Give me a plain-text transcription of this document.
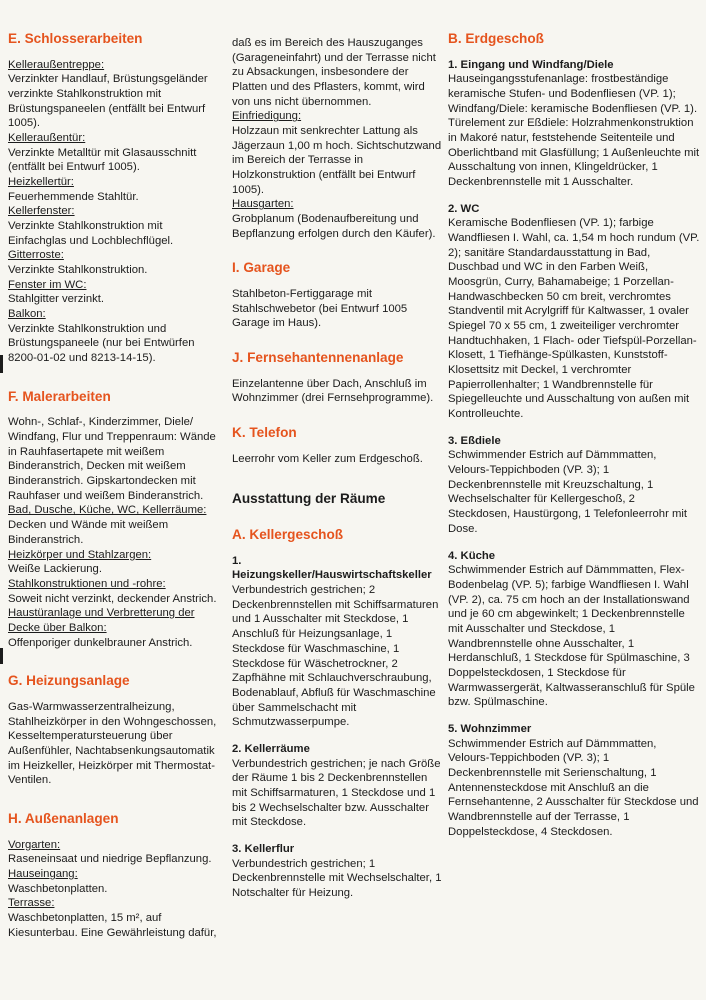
E. Schlosserarbeiten

Kelleraußentreppe:
Verzinkter Handlauf, Brüstungsgeländer verzinkte Stahlkonstruktion mit Brüstungspaneelen (entfällt bei Entwurf 1005).

Kelleraußentür:
Verzinkte Metalltür mit Glasausschnitt (entfällt bei Entwurf 1005).

Heizkellertür:
Feuerhemmende Stahltür.

Kellerfenster:
Verzinkte Stahlkonstruktion mit Einfachglas und Lochblechflügel.

Gitterroste:
Verzinkte Stahlkonstruktion.

Fenster im WC:
Stahlgitter verzinkt.

Balkon:
Verzinkte Stahlkonstruktion und Brüstungspaneele (nur bei Entwürfen 8200-01-02 und 8213-14-15).

F. Malerarbeiten

Wohn-, Schlaf-, Kinderzimmer, Diele/ Windfang, Flur und Treppenraum: Wände in Rauhfasertapete mit weißem Binderanstrich, Decken mit weißem Binderanstrich. Gipskartondecken mit Rauhfaser und weißem Binderanstrich.

Bad, Dusche, Küche, WC, Kellerräume:
Decken und Wände mit weißem Binderanstrich.

Heizkörper und Stahlzargen:
Weiße Lackierung.

Stahlkonstruktionen und -rohre:
Soweit nicht verzinkt, deckender Anstrich.

Haustüranlage und Verbretterung der Decke über Balkon:
Offenporiger dunkelbrauner Anstrich.

G. Heizungsanlage

Gas-Warmwasserzentralheizung, Stahlheizkörper in den Wohngeschossen, Kesseltemperatursteuerung über Außenfühler, Nachtabsenkungsautomatik im Heizkeller, Heizkörper mit Thermostat-Ventilen.

H. Außenanlagen

Vorgarten:
Raseneinsaat und niedrige Bepflanzung.

Hauseingang:
Waschbetonplatten.

Terrasse:
Waschbetonplatten, 15 m², auf Kiesunterbau. Eine Gewährleistung dafür,

daß es im Bereich des Hauszuganges (Garageneinfahrt) und der Terrasse nicht zu Absackungen, insbesondere der Platten und des Pflasters, kommt, wird von uns nicht übernommen.

Einfriedigung:
Holzzaun mit senkrechter Lattung als Jägerzaun 1,00 m hoch. Sichtschutzwand im Bereich der Terrasse in Holzkonstruktion (entfällt bei Entwurf 1005).

Hausgarten:
Grobplanum (Bodenaufbereitung und Bepflanzung erfolgen durch den Käufer).

I. Garage

Stahlbeton-Fertiggarage mit Stahlschwebetor (bei Entwurf 1005 Garage im Haus).

J. Fernsehantennenanlage

Einzelantenne über Dach, Anschluß im Wohnzimmer (drei Fernsehprogramme).

K. Telefon

Leerrohr vom Keller zum Erdgeschoß.

Ausstattung der Räume
A. Kellergeschoß
1. Heizungskeller/Hauswirtschaftskeller

Verbundestrich gestrichen; 2 Deckenbrennstellen mit Schiffsarmaturen und 1 Ausschalter mit Steckdose, 1 Anschluß für Heizungsanlage, 1 Steckdose für Waschmaschine, 1 Steckdose für Wäschetrockner, 2 Zapfhähne mit Schlauchverschraubung, Bodenablauf, Abfluß für Waschmaschine über Sammelschacht mit Schmutzwasserpumpe.

2. Kellerräume

Verbundestrich gestrichen; je nach Größe der Räume 1 bis 2 Deckenbrennstellen mit Schiffsarmaturen, 1 Steckdose und 1 bis 2 Wechselschalter bzw. Ausschalter mit Steckdose.

3. Kellerflur

Verbundestrich gestrichen; 1 Deckenbrennstelle mit Wechselschalter, 1 Notschalter für Heizung.

B. Erdgeschoß
1. Eingang und Windfang/Diele

Hauseingangsstufenanlage: frostbeständige keramische Stufen- und Bodenfliesen (VP. 1); Windfang/Diele: keramische Bodenfliesen (VP. 1). Türelement zur Eßdiele: Holzrahmenkonstruktion in Makoré natur, feststehende Seitenteile und Oberlichtband mit Glasfüllung; 1 Außenleuchte mit Ausschaltung von innen, Klingeldrücker, 1 Deckenbrennstelle mit 1 Ausschalter.

2. WC

Keramische Bodenfliesen (VP. 1); farbige Wandfliesen I. Wahl, ca. 1,54 m hoch rundum (VP. 2); sanitäre Standardausstattung in Bad, Duschbad und WC in den Farben Weiß, Moosgrün, Curry, Bahamabeige; 1 Porzellan-Handwaschbecken 50 cm breit, verchromtes Standventil mit Acrylgriff für Kaltwasser, 1 ovaler Spiegel 70 x 55 cm, 1 zweiteiliger verchromter Handtuchhaken, 1 Flach- oder Tiefspül-Porzellan-Klosett, 1 Tiefhänge-Spülkasten, Kunststoff-Klosettsitz mit Deckel, 1 verchromter Papierrollenhalter; 1 Wandbrennstelle für Spiegelleuchte und Ausschaltung von außen mit Kontrolleuchte.

3. Eßdiele

Schwimmender Estrich auf Dämmmatten, Velours-Teppichboden (VP. 3); 1 Deckenbrennstelle mit Kreuzschaltung, 1 Wechselschalter für Kellergeschoß, 2 Steckdosen, Haustürgong, 1 Telefonleerrohr mit Dose.

4. Küche

Schwimmender Estrich auf Dämmmatten, Flex-Bodenbelag (VP. 5); farbige Wandfliesen I. Wahl (VP. 2), ca. 75 cm hoch an der Installationswand und je 60 cm abgewinkelt; 1 Deckenbrennstelle mit Ausschalter und Steckdose, 1 Wandbrennstelle ohne Ausschalter, 1 Herdanschluß, 1 Steckdose für Spülmaschine, 3 Doppelsteckdosen, 1 Steckdose für Warmwassergerät, Kaltwasseranschluß für Spüle bzw. Spülmaschine.

5. Wohnzimmer

Schwimmender Estrich auf Dämmmatten, Velours-Teppichboden (VP. 3); 1 Deckenbrennstelle mit Serienschaltung, 1 Antennensteckdose mit Anschluß an die Fernsehantenne, 2 Ausschalter für Steckdose und Wandbrennstelle auf der Terrasse, 1 Doppelsteckdose, 4 Steckdosen.
